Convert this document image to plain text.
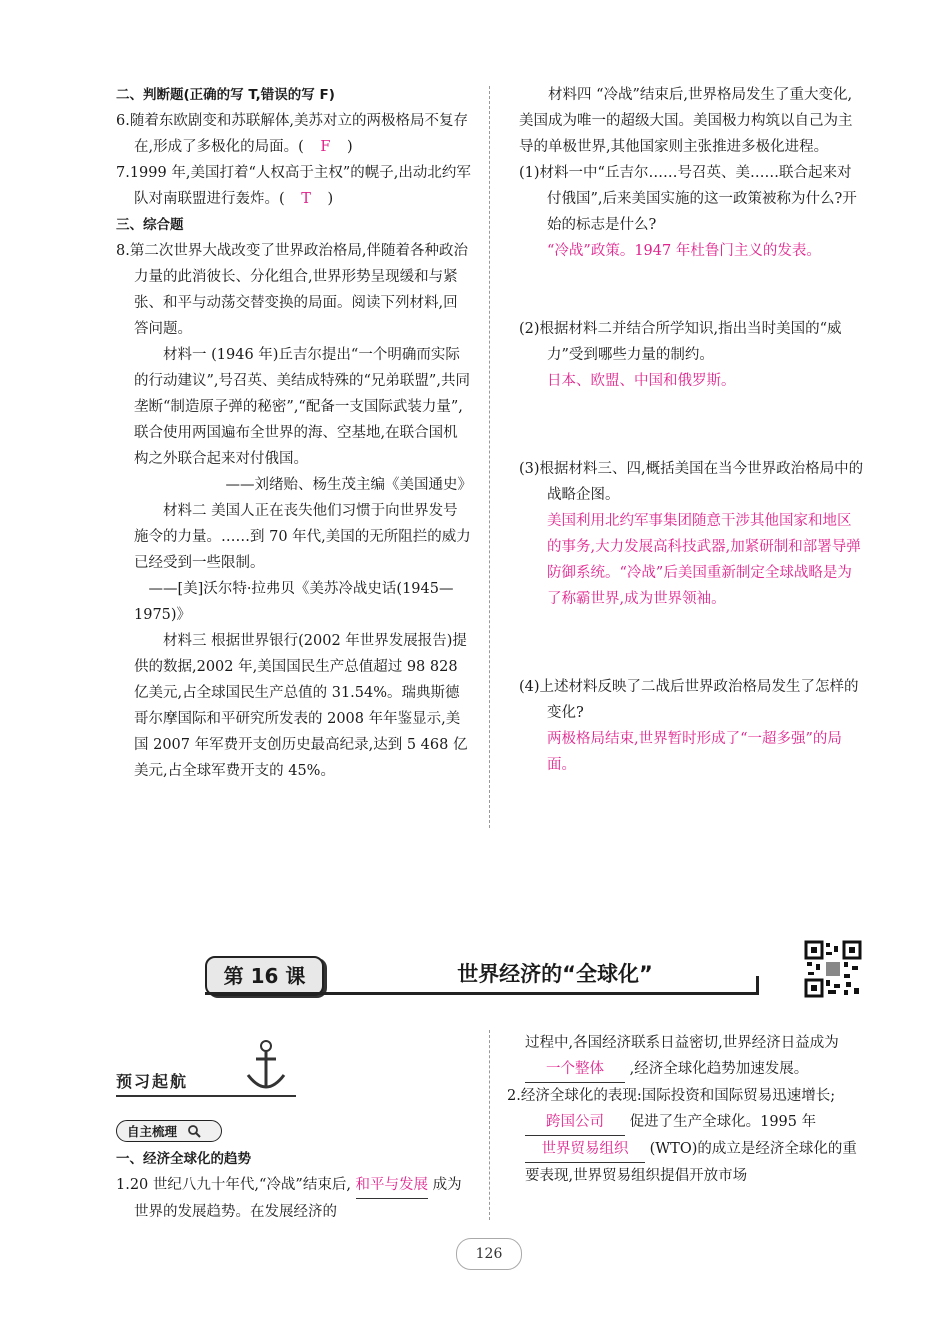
二、判断题(正确的写 T,错误的写 F)
6.随着东欧剧变和苏联解体,美苏对立的两极格局不复存在,形成了多极化的局面。( F )
7.1999 年,美国打着“人权高于主权”的幌子,出动北约军队对南联盟进行轰炸。( T )
三、综合题
8.第二次世界大战改变了世界政治格局,伴随着各种政治力量的此消彼长、分化组合,世界形势呈现缓和与紧张、和平与动荡交替变换的局面。阅读下列材料,回答问题。

材料一 (1946 年)丘吉尔提出“一个明确而实际的行动建议”,号召英、美结成特殊的“兄弟联盟”,共同垄断“制造原子弹的秘密”,“配备一支国际武装力量”,联合使用两国遍布全世界的海、空基地,在联合国机构之外联合起来对付俄国。

——刘绪贻、杨生茂主编《美国通史》

材料二 美国人正在丧失他们习惯于向世界发号施令的力量。……到 70 年代,美国的无所阻拦的威力已经受到一些限制。

——[美]沃尔特·拉弗贝《美苏冷战史话(1945—1975)》

材料三 根据世界银行(2002 年世界发展报告)提供的数据,2002 年,美国国民生产总值超过 98 828 亿美元,占全球国民生产总值的 31.54%。瑞典斯德哥尔摩国际和平研究所发表的 2008 年年鉴显示,美国 2007 年军费开支创历史最高纪录,达到 5 468 亿美元,占全球军费开支的 45%。

材料四 “冷战”结束后,世界格局发生了重大变化,美国成为唯一的超级大国。美国极力构筑以自己为主导的单极世界,其他国家则主张推进多极化进程。

(1)材料一中“丘吉尔……号召英、美……联合起来对付俄国”,后来美国实施的这一政策被称为什么?开始的标志是什么?
“冷战”政策。1947 年杜鲁门主义的发表。
(2)根据材料二并结合所学知识,指出当时美国的“威力”受到哪些力量的制约。
日本、欧盟、中国和俄罗斯。
(3)根据材料三、四,概括美国在当今世界政治格局中的战略企图。
美国利用北约军事集团随意干涉其他国家和地区的事务,大力发展高科技武器,加紧研制和部署导弹防御系统。“冷战”后美国重新制定全球战略是为了称霸世界,成为世界领袖。
(4)上述材料反映了二战后世界政治格局发生了怎样的变化?
两极格局结束,世界暂时形成了“一超多强”的局面。
第 16 课	世界经济的“全球化”
预习起航
自主梳理
一、经济全球化的趋势
1.20 世纪八九十年代,“冷战”结束后, 和平与发展 成为世界的发展趋势。在发展经济的
过程中,各国经济联系日益密切,世界经济日益成为 一个整体 ,经济全球化趋势加速发展。
2.经济全球化的表现:国际投资和国际贸易迅速增长; 跨国公司 促进了生产全球化。1995 年 世界贸易组织 (WTO)的成立是经济全球化的重要表现,世界贸易组织提倡开放市场
126
